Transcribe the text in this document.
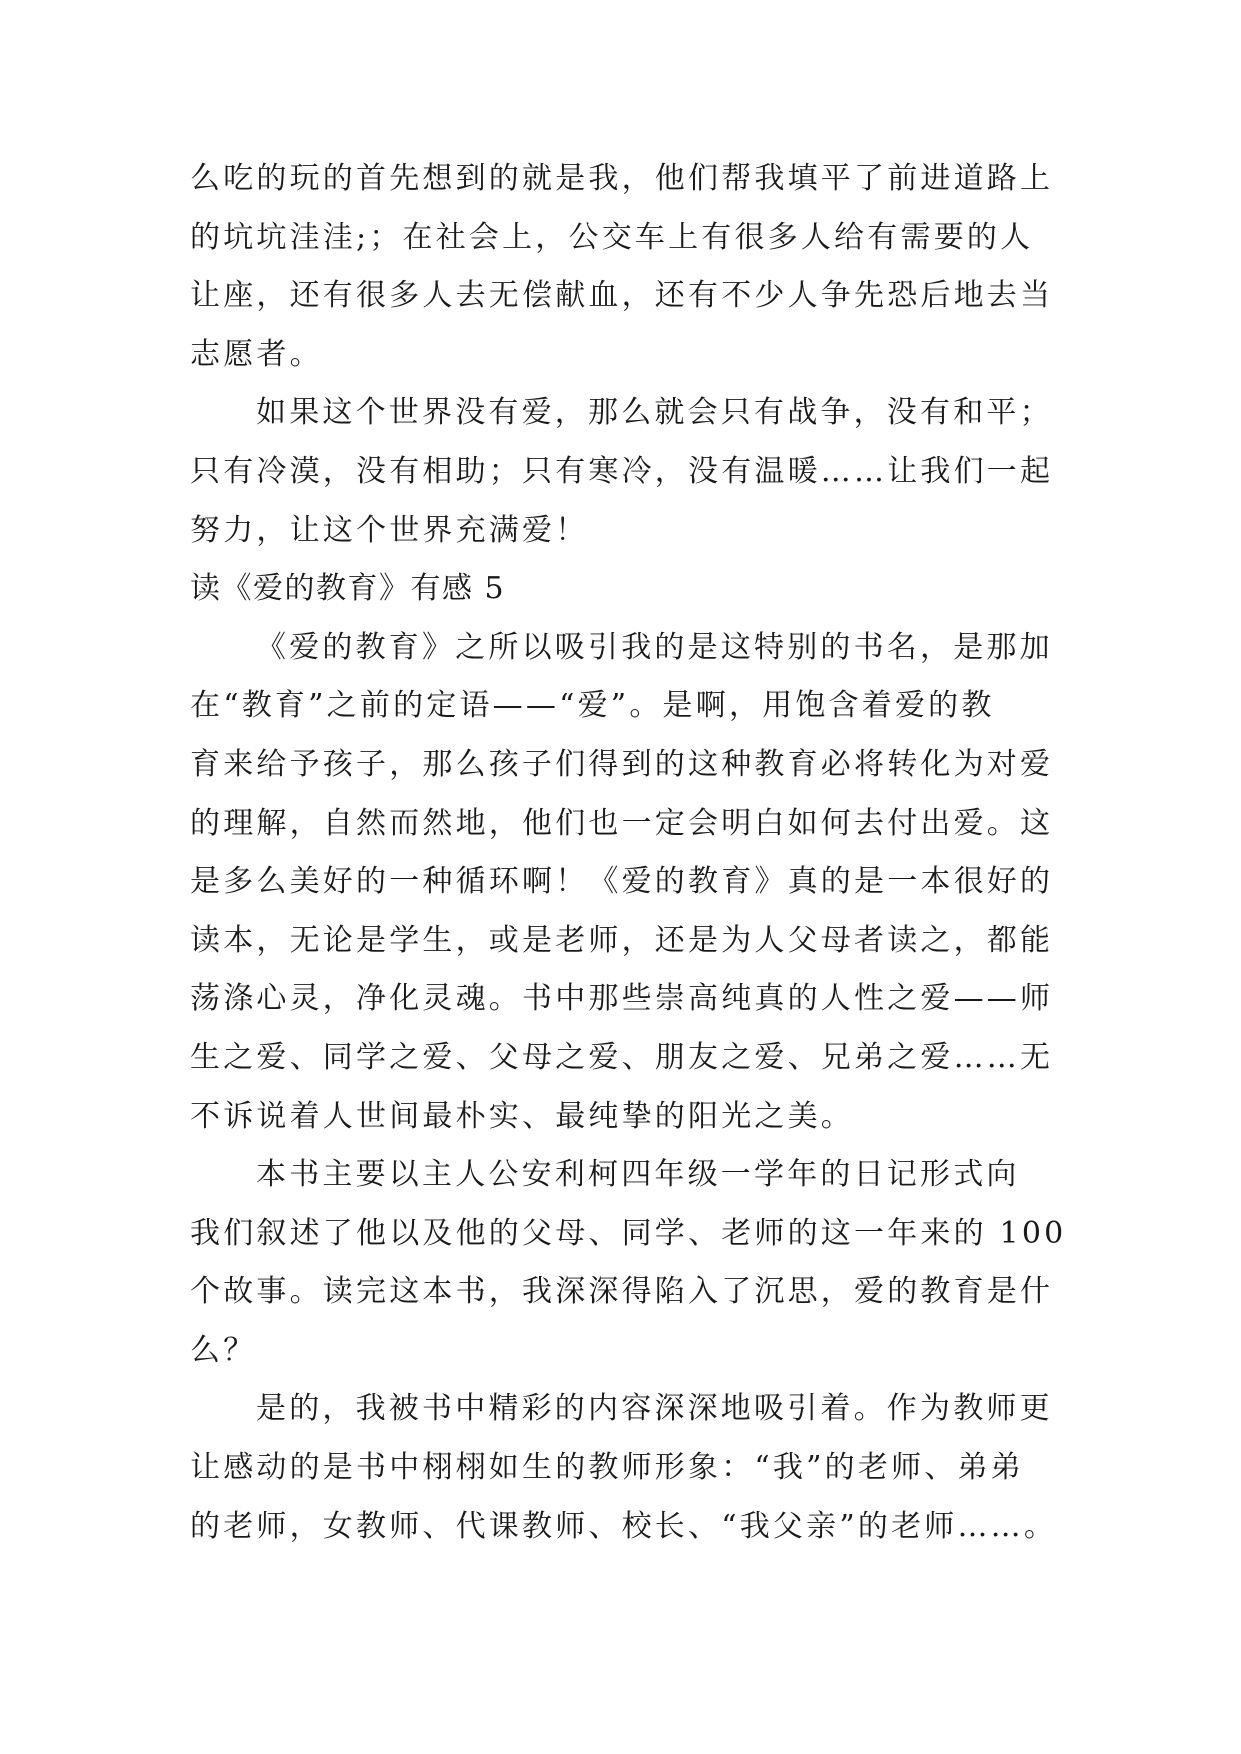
么吃的玩的首先想到的就是我，他们帮我填平了前进道路上
的坑坑洼洼;；在社会上，公交车上有很多人给有需要的人
让座，还有很多人去无偿献血，还有不少人争先恐后地去当
志愿者。

如果这个世界没有爱，那么就会只有战争，没有和平；
只有冷漠，没有相助；只有寒冷，没有温暖……让我们一起
努力，让这个世界充满爱！

读《爱的教育》有感 5

《爱的教育》之所以吸引我的是这特别的书名，是那加
在“教育”之前的定语——“爱”。是啊，用饱含着爱的教
育来给予孩子，那么孩子们得到的这种教育必将转化为对爱
的理解，自然而然地，他们也一定会明白如何去付出爱。这
是多么美好的一种循环啊！《爱的教育》真的是一本很好的
读本，无论是学生，或是老师，还是为人父母者读之，都能
荡涤心灵，净化灵魂。书中那些崇高纯真的人性之爱——师
生之爱、同学之爱、父母之爱、朋友之爱、兄弟之爱……无
不诉说着人世间最朴实、最纯挚的阳光之美。

本书主要以主人公安利柯四年级一学年的日记形式向
我们叙述了他以及他的父母、同学、老师的这一年来的 100
个故事。读完这本书，我深深得陷入了沉思，爱的教育是什
么？

是的，我被书中精彩的内容深深地吸引着。作为教师更
让感动的是书中栩栩如生的教师形象：“我”的老师、弟弟
的老师，女教师、代课教师、校长、“我父亲”的老师……。
